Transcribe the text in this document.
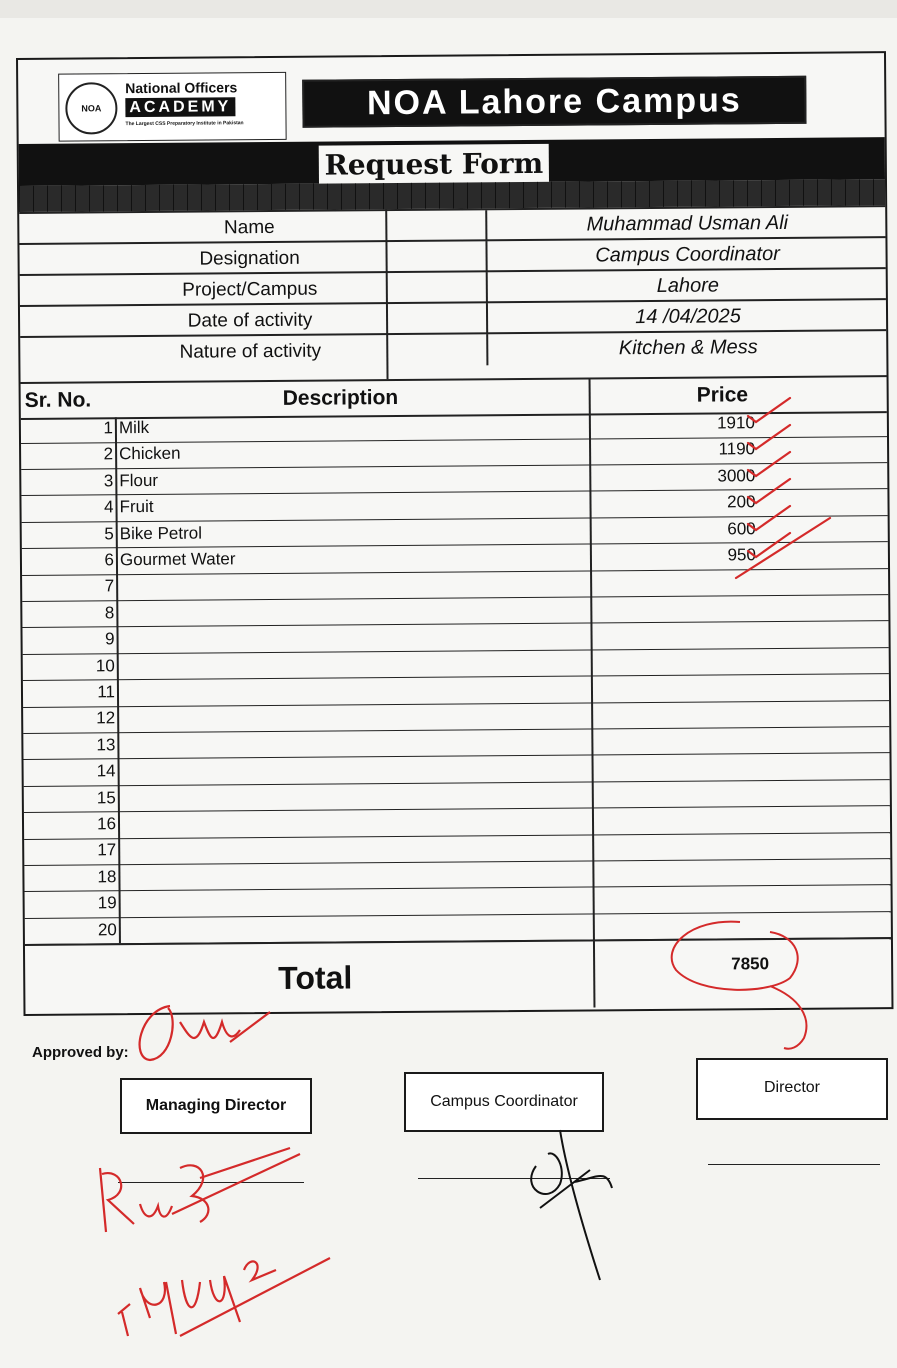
NOA
National Officers
ACADEMY
The Largest CSS Preparatory Institute in Pakistan
NOA Lahore Campus
Request Form
Name	Muhammad Usman Ali
Designation	Campus Coordinator
Project/Campus	Lahore
Date of activity	14 /04/2025
Nature of activity	Kitchen & Mess
Sr. No.	Description	Price
1 Milk	1910
2 Chicken	1190
3 Flour	3000
4 Fruit	200
5 Bike Petrol	600
6 Gourmet Water	950
7
8
9
10
11
12
13
14
15
16
17
18
19
20
Total	7850
Approved by:
Managing Director	Campus Coordinator
Director
